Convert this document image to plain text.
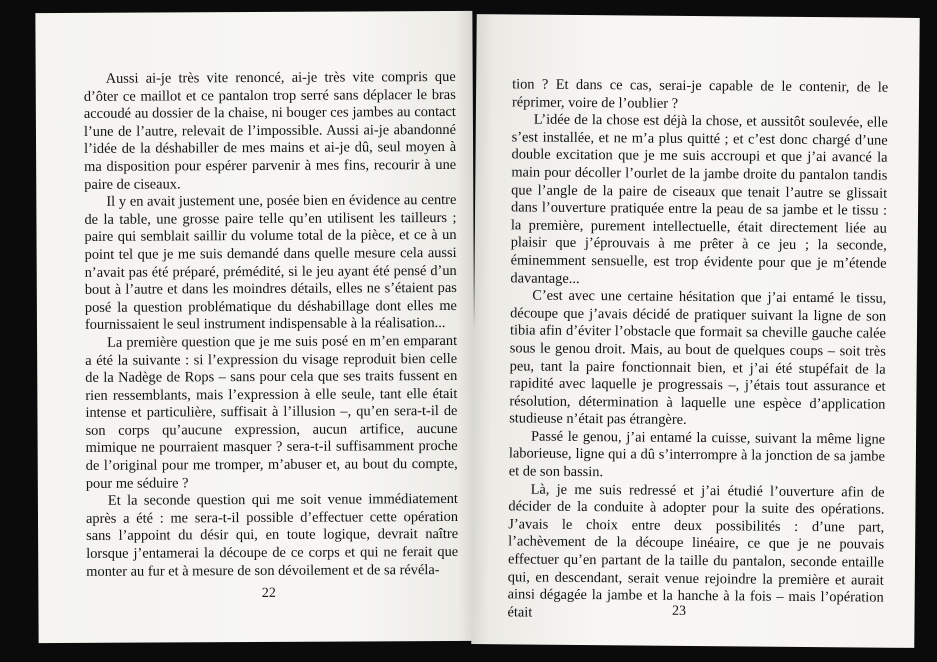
Aussi ai-je très vite renoncé, ai-je très vite compris que d’ôter ce maillot et ce pantalon trop serré sans déplacer le bras accoudé au dossier de la chaise, ni bouger ces jambes au contact l’une de l’autre, relevait de l’impossible. Aussi ai-je abandonné l’idée de la déshabiller de mes mains et ai-je dû, seul moyen à ma disposition pour espérer parvenir à mes fins, recourir à une paire de ciseaux.

Il y en avait justement une, posée bien en évidence au centre de la table, une grosse paire telle qu’en utilisent les tailleurs ; paire qui semblait saillir du volume total de la pièce, et ce à un point tel que je me suis demandé dans quelle mesure cela aussi n’avait pas été préparé, prémédité, si le jeu ayant été pensé d’un bout à l’autre et dans les moindres détails, elles ne s’étaient pas posé la question problématique du déshabillage dont elles me fournissaient le seul instrument indispensable à la réalisation...

La première question que je me suis posé en m’en emparant a été la suivante : si l’expression du visage reproduit bien celle de la Nadège de Rops – sans pour cela que ses traits fussent en rien ressemblants, mais l’expression à elle seule, tant elle était intense et particulière, suffisait à l’illusion –, qu’en sera-t-il de son corps qu’aucune expression, aucun artifice, aucune mimique ne pourraient masquer ? sera-t-il suffisamment proche de l’original pour me tromper, m’abuser et, au bout du compte, pour me séduire ?

Et la seconde question qui me soit venue immédiatement après a été : me sera-t-il possible d’effectuer cette opération sans l’appoint du désir qui, en toute logique, devrait naître lorsque j’entamerai la découpe de ce corps et qui ne ferait que monter au fur et à mesure de son dévoilement et de sa révéla-

22

tion ? Et dans ce cas, serai-je capable de le contenir, de le réprimer, voire de l’oublier ?

L’idée de la chose est déjà la chose, et aussitôt soulevée, elle s’est installée, et ne m’a plus quitté ; et c’est donc chargé d’une double excitation que je me suis accroupi et que j’ai avancé la main pour décoller l’ourlet de la jambe droite du pantalon tandis que l’angle de la paire de ciseaux que tenait l’autre se glissait dans l’ouverture pratiquée entre la peau de sa jambe et le tissu : la première, purement intellectuelle, était directement liée au plaisir que j’éprouvais à me prêter à ce jeu ; la seconde, éminemment sensuelle, est trop évidente pour que je m’étende davantage...

C’est avec une certaine hésitation que j’ai entamé le tissu, découpe que j’avais décidé de pratiquer suivant la ligne de son tibia afin d’éviter l’obstacle que formait sa cheville gauche calée sous le genou droit. Mais, au bout de quelques coups – soit très peu, tant la paire fonctionnait bien, et j’ai été stupéfait de la rapidité avec laquelle je progressais –, j’étais tout assurance et résolution, détermination à laquelle une espèce d’application studieuse n’était pas étrangère.

Passé le genou, j’ai entamé la cuisse, suivant la même ligne laborieuse, ligne qui a dû s’interrompre à la jonction de sa jambe et de son bassin.

Là, je me suis redressé et j’ai étudié l’ouverture afin de décider de la conduite à adopter pour la suite des opérations. J’avais le choix entre deux possibilités : d’une part, l’achèvement de la découpe linéaire, ce que je ne pouvais effectuer qu’en partant de la taille du pantalon, seconde entaille qui, en descendant, serait venue rejoindre la première et aurait ainsi dégagée la jambe et la hanche à la fois – mais l’opération était	23
